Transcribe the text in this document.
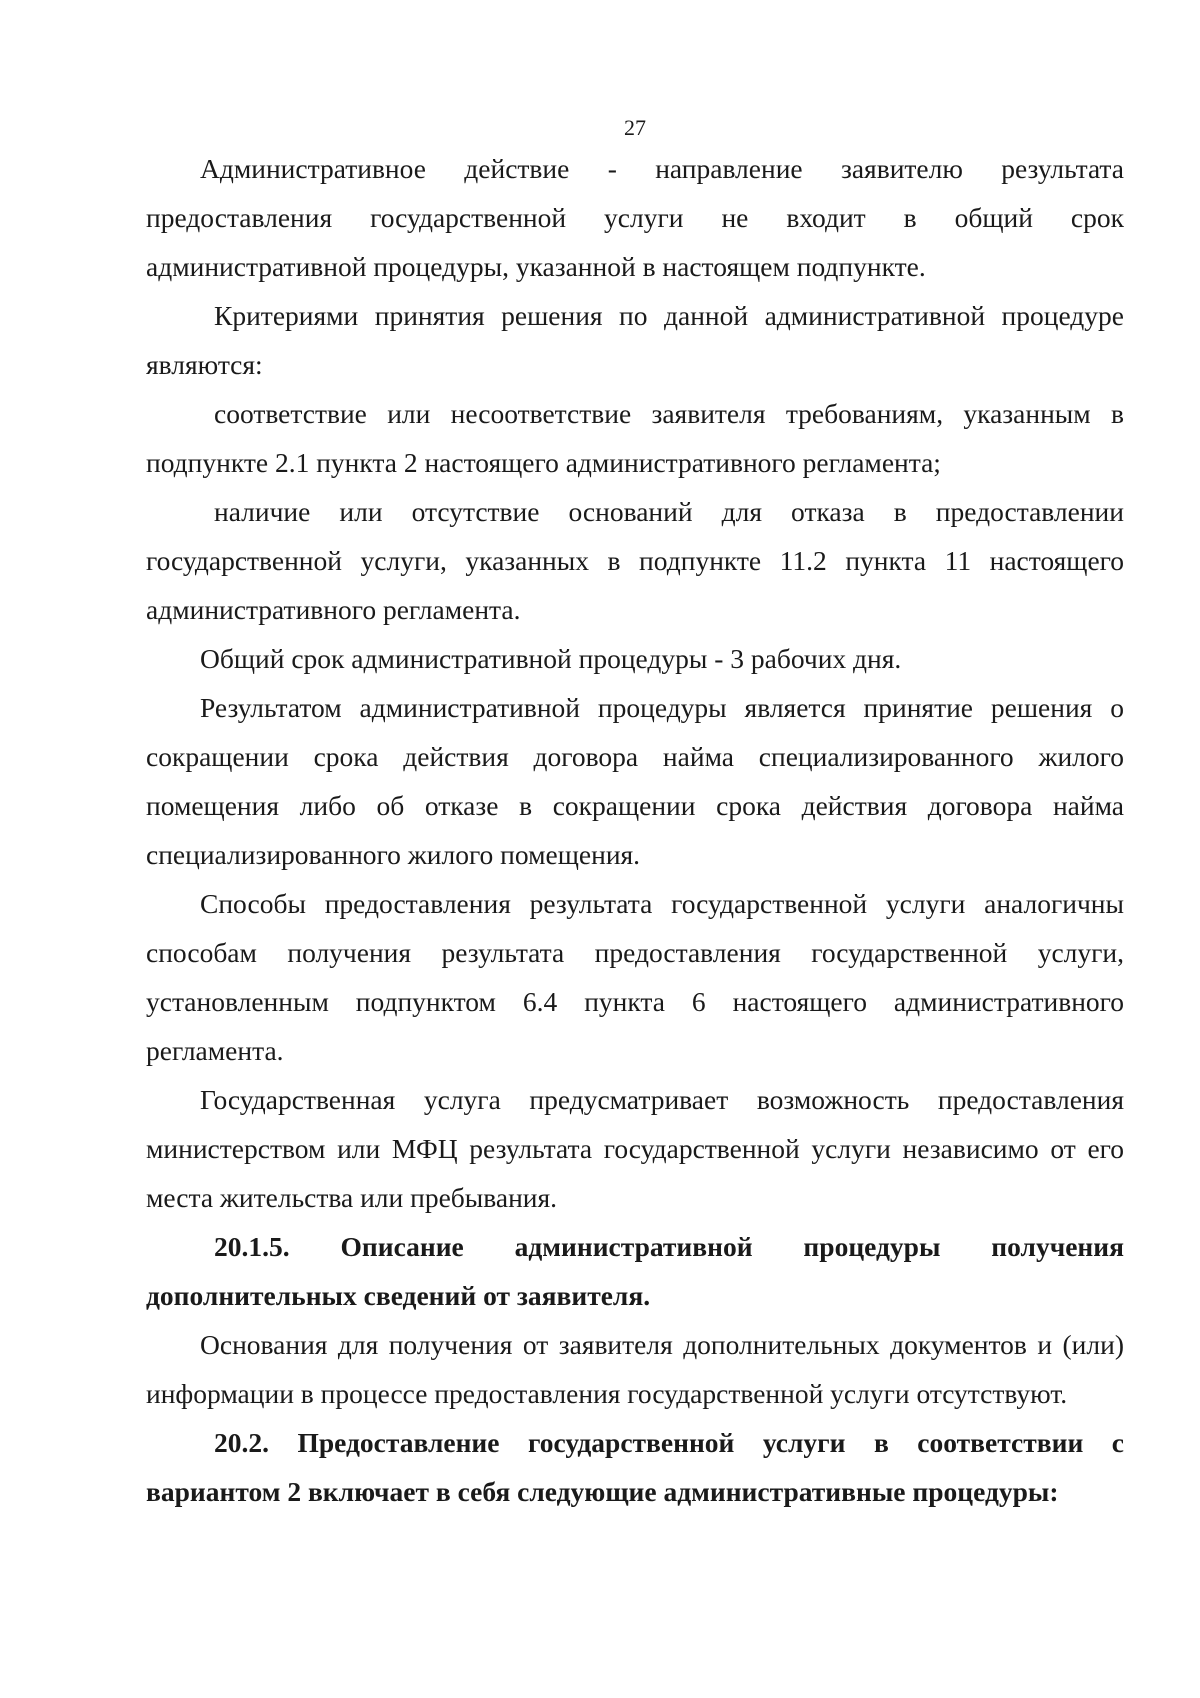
27

Административное действие - направление заявителю результата предоставления государственной услуги не входит в общий срок административной процедуры, указанной в настоящем подпункте.

Критериями принятия решения по данной административной процедуре являются:

соответствие или несоответствие заявителя требованиям, указанным в подпункте 2.1 пункта 2 настоящего административного регламента;

наличие или отсутствие оснований для отказа в предоставлении государственной услуги, указанных в подпункте 11.2 пункта 11 настоящего административного регламента.

Общий срок административной процедуры - 3 рабочих дня.

Результатом административной процедуры является принятие решения о сокращении срока действия договора найма специализированного жилого помещения либо об отказе в сокращении срока действия договора найма специализированного жилого помещения.

Способы предоставления результата государственной услуги аналогичны способам получения результата предоставления государственной услуги, установленным подпунктом 6.4 пункта 6 настоящего административного регламента.

Государственная услуга предусматривает возможность предоставления министерством или МФЦ результата государственной услуги независимо от его места жительства или пребывания.

20.1.5. Описание административной процедуры получения дополнительных сведений от заявителя.

Основания для получения от заявителя дополнительных документов и (или) информации в процессе предоставления государственной услуги отсутствуют.

20.2. Предоставление государственной услуги в соответствии с вариантом 2 включает в себя следующие административные процедуры:
